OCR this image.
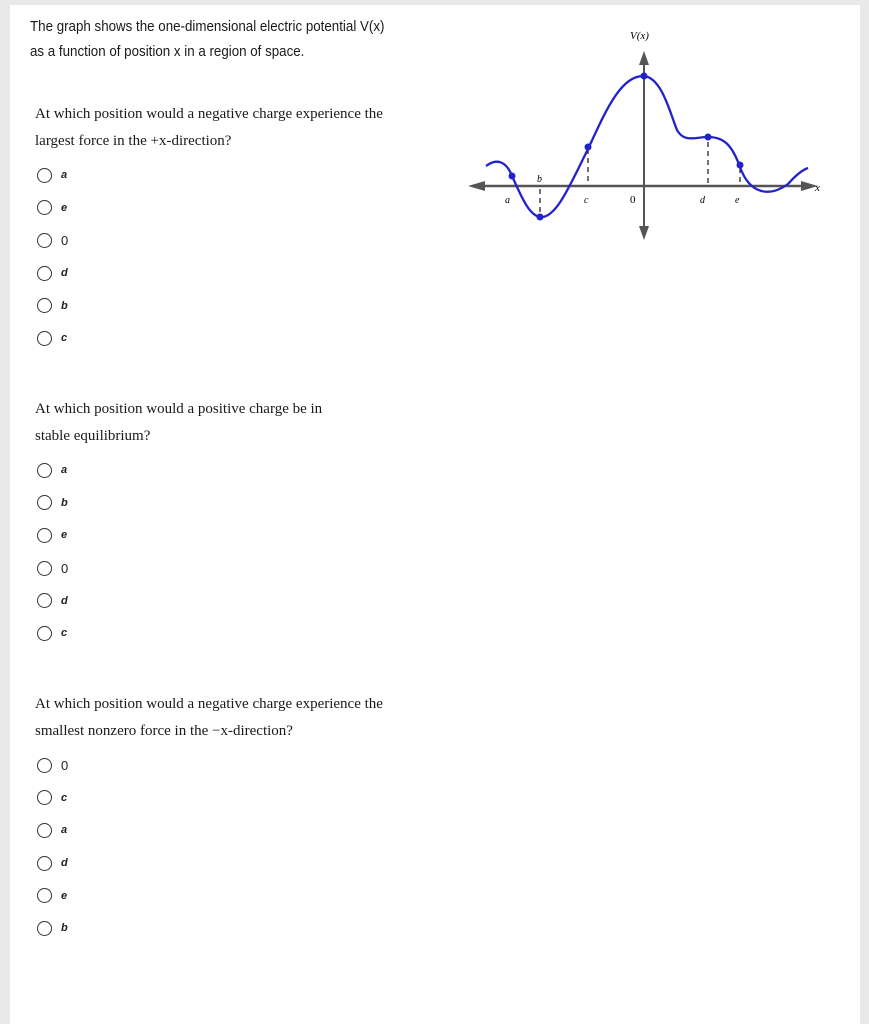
The graph shows the one-dimensional electric potential V(x)
as a function of position x in a region of space.
V(x)
x
a
b
c	0	d	e

At which position would a negative charge experience the
largest force in the +x-direction?

a
e
0
d
b
c

At which position would a positive charge be in
stable equilibrium?

a
b
e
0
d
c

At which position would a negative charge experience the
smallest nonzero force in the −x-direction?

0
c
a
d
e
b
